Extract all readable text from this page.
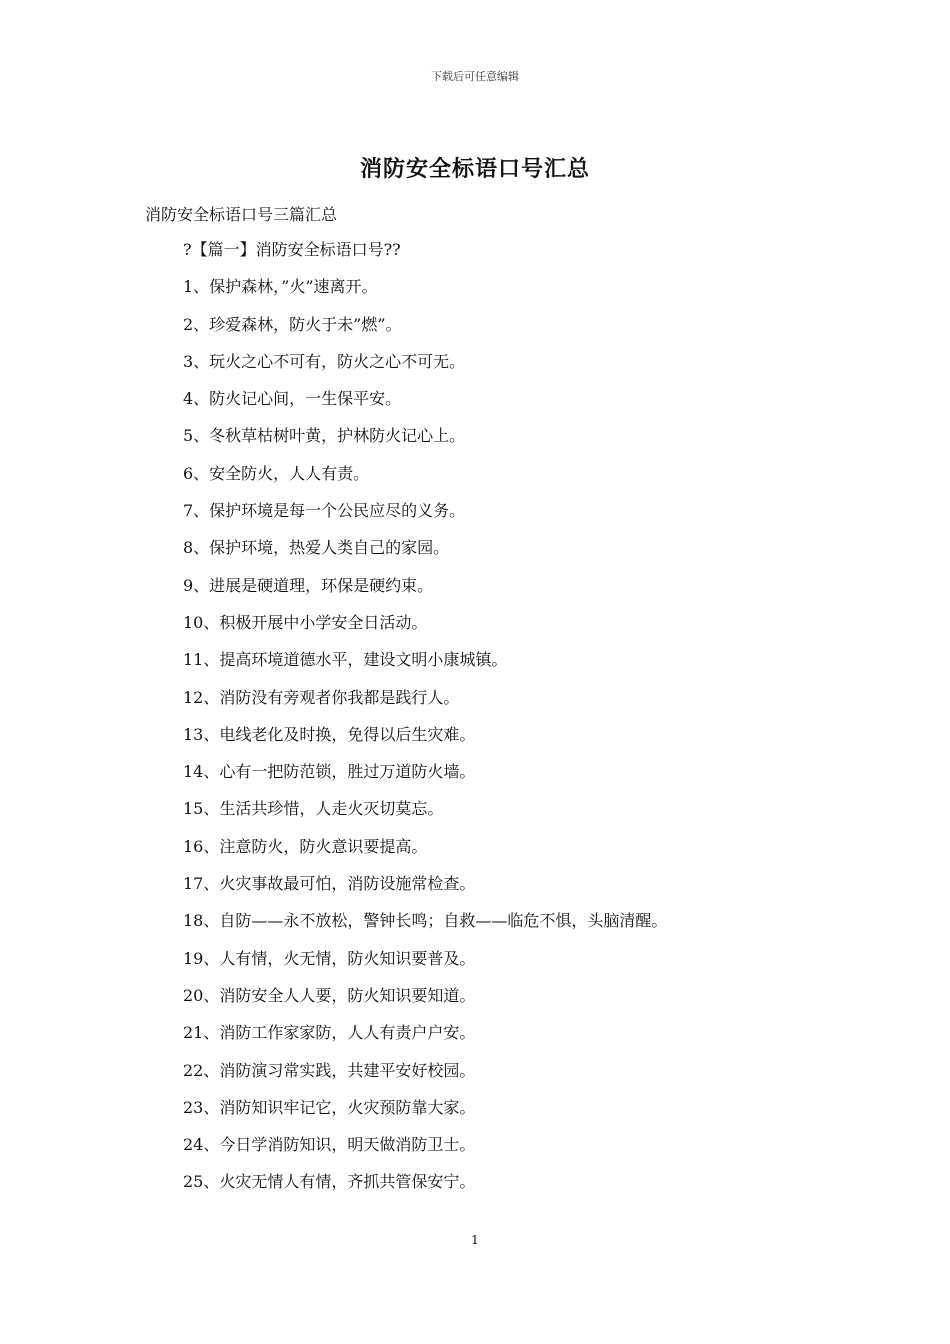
下载后可任意编辑
消防安全标语口号汇总
消防安全标语口号三篇汇总
?【篇一】消防安全标语口号??
1、保护森林，”火”速离开。
2、珍爱森林，防火于未”燃”。
3、玩火之心不可有，防火之心不可无。
4、防火记心间，一生保平安。
5、冬秋草枯树叶黄，护林防火记心上。
6、安全防火，人人有责。
7、保护环境是每一个公民应尽的义务。
8、保护环境，热爱人类自己的家园。
9、进展是硬道理，环保是硬约束。
10、积极开展中小学安全日活动。
11、提高环境道德水平，建设文明小康城镇。
12、消防没有旁观者你我都是践行人。
13、电线老化及时换，免得以后生灾难。
14、心有一把防范锁，胜过万道防火墙。
15、生活共珍惜，人走火灭切莫忘。
16、注意防火，防火意识要提高。
17、火灾事故最可怕，消防设施常检查。
18、自防——永不放松，警钟长鸣；自救——临危不惧，头脑清醒。
19、人有情，火无情，防火知识要普及。
20、消防安全人人要，防火知识要知道。
21、消防工作家家防，人人有责户户安。
22、消防演习常实践，共建平安好校园。
23、消防知识牢记它，火灾预防靠大家。
24、今日学消防知识，明天做消防卫士。
25、火灾无情人有情，齐抓共管保安宁。
1
